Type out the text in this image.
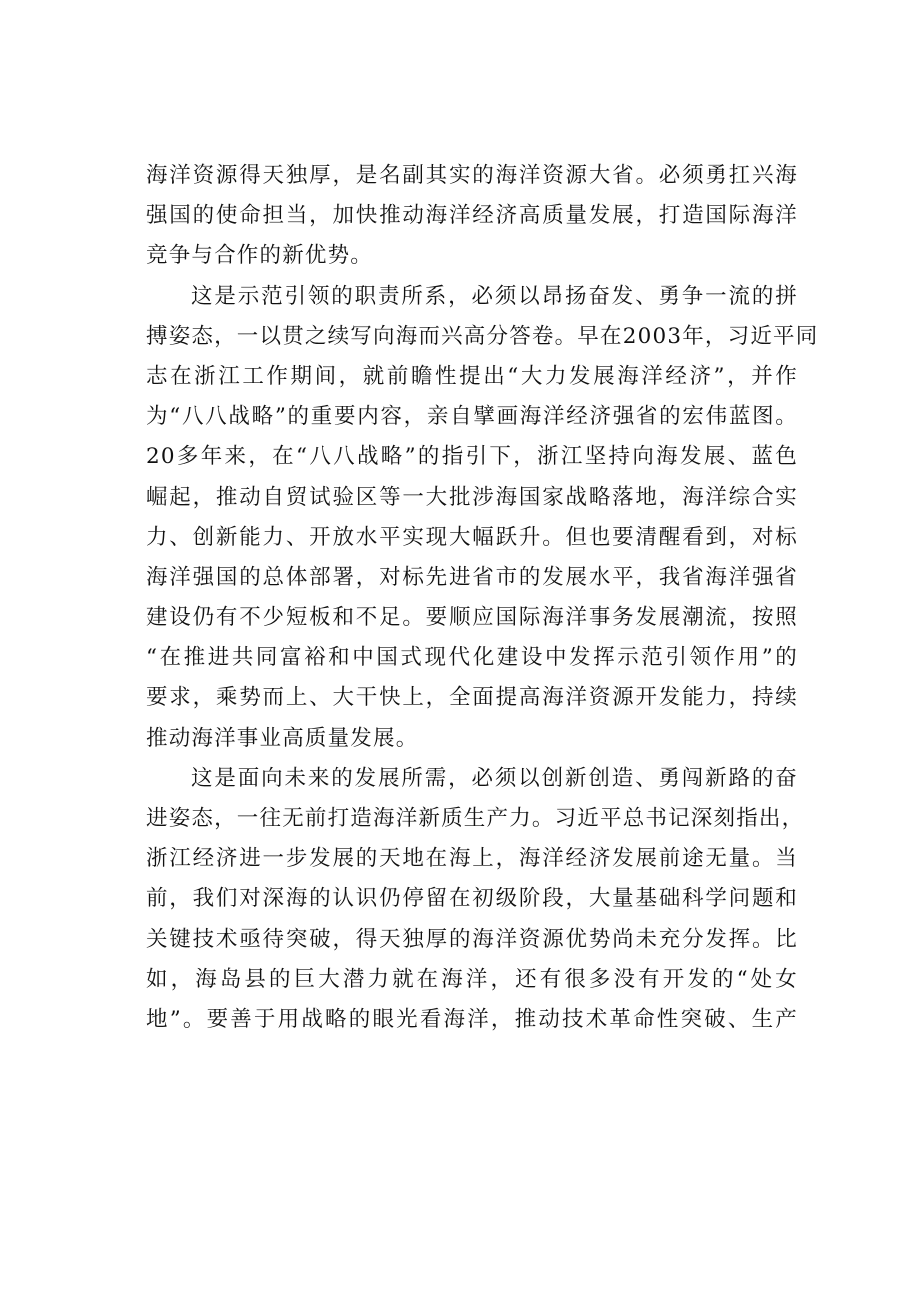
海洋资源得天独厚，是名副其实的海洋资源大省。必须勇扛兴海
强国的使命担当，加快推动海洋经济高质量发展，打造国际海洋
竞争与合作的新优势。
这是示范引领的职责所系，必须以昂扬奋发、勇争一流的拼
搏姿态，一以贯之续写向海而兴高分答卷。早在2003年，习近平同
志在浙江工作期间，就前瞻性提出“大力发展海洋经济”，并作
为“八八战略”的重要内容，亲自擘画海洋经济强省的宏伟蓝图。
20多年来，在“八八战略”的指引下，浙江坚持向海发展、蓝色
崛起，推动自贸试验区等一大批涉海国家战略落地，海洋综合实
力、创新能力、开放水平实现大幅跃升。但也要清醒看到，对标
海洋强国的总体部署，对标先进省市的发展水平，我省海洋强省
建设仍有不少短板和不足。要顺应国际海洋事务发展潮流，按照
“在推进共同富裕和中国式现代化建设中发挥示范引领作用”的
要求，乘势而上、大干快上，全面提高海洋资源开发能力，持续
推动海洋事业高质量发展。
这是面向未来的发展所需，必须以创新创造、勇闯新路的奋
进姿态，一往无前打造海洋新质生产力。习近平总书记深刻指出，
浙江经济进一步发展的天地在海上，海洋经济发展前途无量。当
前，我们对深海的认识仍停留在初级阶段，大量基础科学问题和
关键技术亟待突破，得天独厚的海洋资源优势尚未充分发挥。比
如，海岛县的巨大潜力就在海洋，还有很多没有开发的“处女
地”。要善于用战略的眼光看海洋，推动技术革命性突破、生产
